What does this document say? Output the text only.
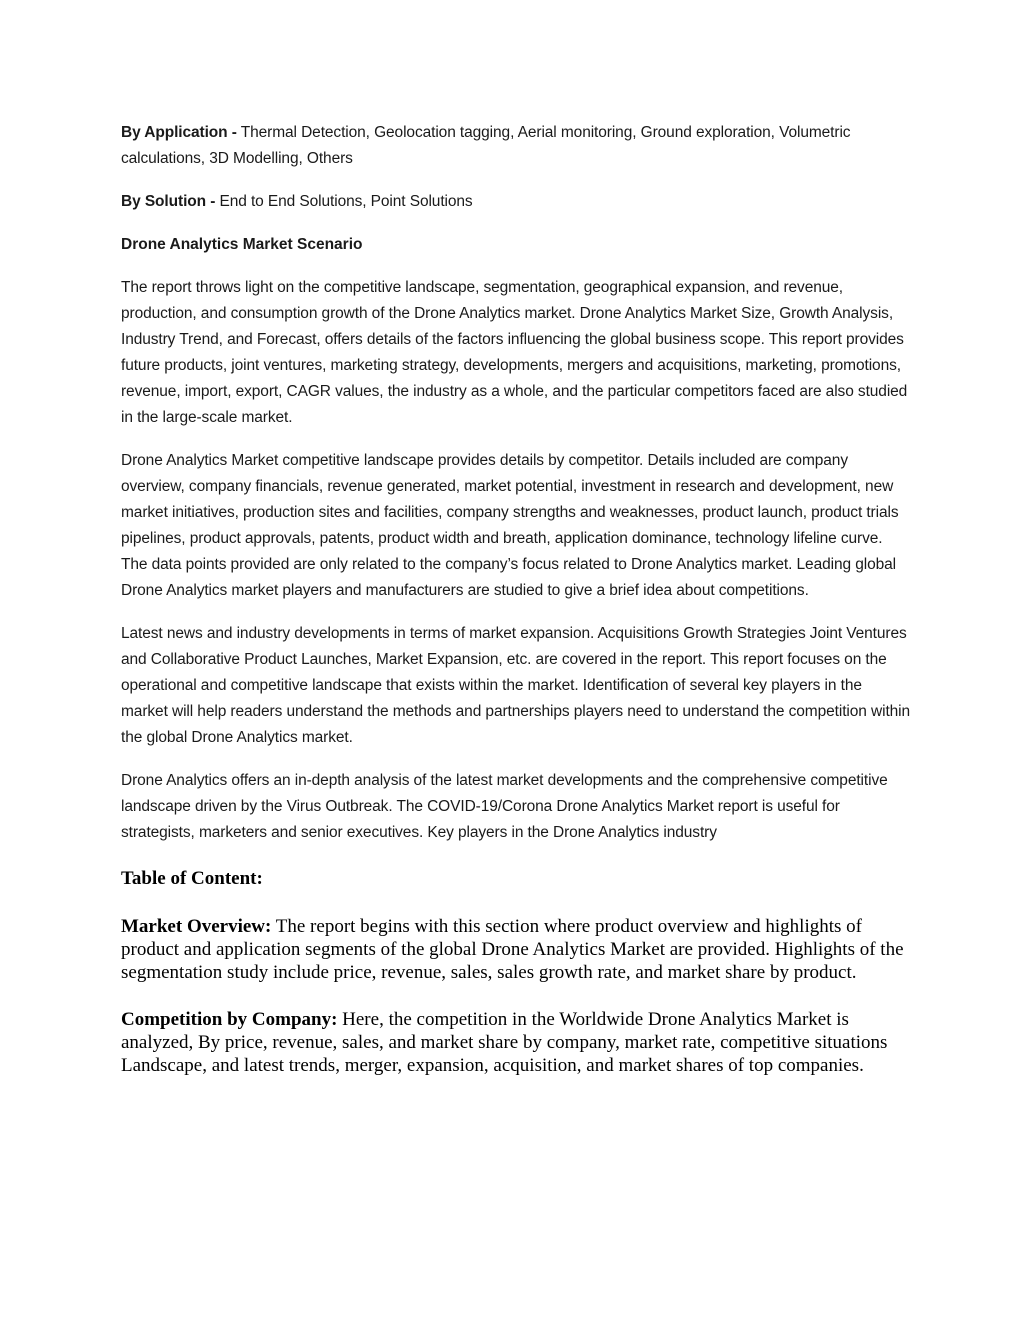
By Application - Thermal Detection, Geolocation tagging, Aerial monitoring, Ground exploration, Volumetric calculations, 3D Modelling, Others

By Solution - End to End Solutions, Point Solutions

Drone Analytics Market Scenario

The report throws light on the competitive landscape, segmentation, geographical expansion, and revenue, production, and consumption growth of the Drone Analytics market. Drone Analytics Market Size, Growth Analysis, Industry Trend, and Forecast, offers details of the factors influencing the global business scope. This report provides future products, joint ventures, marketing strategy, developments, mergers and acquisitions, marketing, promotions, revenue, import, export, CAGR values, the industry as a whole, and the particular competitors faced are also studied in the large-scale market.

Drone Analytics Market competitive landscape provides details by competitor. Details included are company overview, company financials, revenue generated, market potential, investment in research and development, new market initiatives, production sites and facilities, company strengths and weaknesses, product launch, product trials pipelines, product approvals, patents, product width and breath, application dominance, technology lifeline curve. The data points provided are only related to the company’s focus related to Drone Analytics market. Leading global Drone Analytics market players and manufacturers are studied to give a brief idea about competitions.

Latest news and industry developments in terms of market expansion. Acquisitions Growth Strategies Joint Ventures and Collaborative Product Launches, Market Expansion, etc. are covered in the report. This report focuses on the operational and competitive landscape that exists within the market. Identification of several key players in the market will help readers understand the methods and partnerships players need to understand the competition within the global Drone Analytics market.

Drone Analytics offers an in-depth analysis of the latest market developments and the comprehensive competitive landscape driven by the Virus Outbreak. The COVID-19/Corona Drone Analytics Market report is useful for strategists, marketers and senior executives. Key players in the Drone Analytics industry

Table of Content:

Market Overview: The report begins with this section where product overview and highlights of product and application segments of the global Drone Analytics Market are provided. Highlights of the segmentation study include price, revenue, sales, sales growth rate, and market share by product.

Competition by Company: Here, the competition in the Worldwide Drone Analytics Market is analyzed, By price, revenue, sales, and market share by company, market rate, competitive situations Landscape, and latest trends, merger, expansion, acquisition, and market shares of top companies.
